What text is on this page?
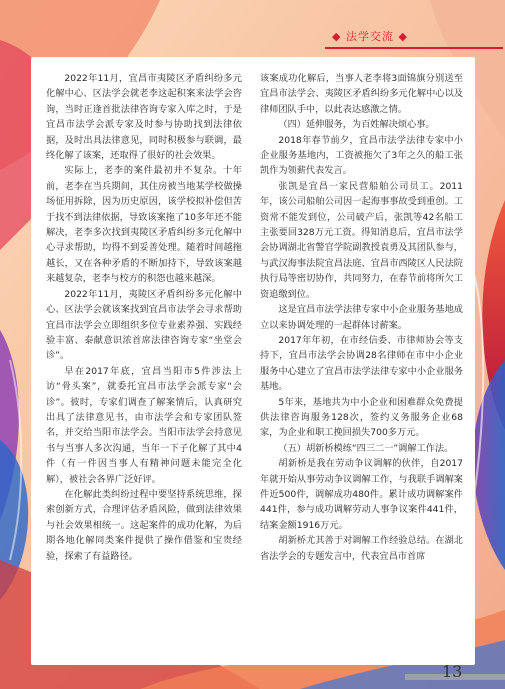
◆ 法学交流 ◆

2022年11月，宜昌市夷陵区矛盾纠纷多元化解中心、区法学会就老李这起积案来法学会咨询，当时正逢首批法律咨询专家入库之时，于是宜昌市法学会派专家及时参与协助找到法律依据，及时出具法律意见，同时积极参与联调，最终化解了该案，还取得了很好的社会效果。

实际上，老李的案件最初并不复杂。十年前，老李在当兵期间，其住房被当地某学校做操场征用拆除，因为历史原因，该学校拟补偿但苦于找不到法律依据，导致该案拖了10多年还不能解决，老李多次找到夷陵区矛盾纠纷多元化解中心寻求帮助，均得不到妥善处理。随着时间越拖越长，又在各种矛盾的不断加持下，导致该案越来越复杂，老李与校方的积怨也越来越深。

2022年11月，夷陵区矛盾纠纷多元化解中心、区法学会就该案找到宜昌市法学会寻求帮助宜昌市法学会立即组织多位专业素养强、实践经验丰富、泰献意识浓首席法律咨询专家“坐堂会诊”。

早在2017年底，宜昌当阳市5件涉法上访“骨头案”，就委托宜昌市法学会派专家“会诊”。彼时，专家们调查了解案情后，认真研究出具了法律意见书，由市法学会和专家团队签名，并交给当阳市法学会。当阳市法学会持意见书与当事人多次沟通，当年一下子化解了其中4件（有一件因当事人有精神问题未能完全化解），被社会各界广泛好评。

在化解此类纠纷过程中要坚持系统思维，探索创新方式，合理评估矛盾风险，做到法律效果与社会效果相统一。这起案件的成功化解，为后期各地化解同类案件提供了操作借鉴和宝贵经验，探索了有益路径。

该案成功化解后，当事人老李将3面锦旗分别送至宜昌市法学会、夷陵区矛盾纠纷多元化解中心以及律师团队手中，以此表达感激之情。

（四）延伸服务，为百姓解决烦心事。

2018年春节前夕，宜昌市法学法律专家中小企业服务基地内，工资被拖欠了3年之久的船工张凯作为领薪代表发言。

张凯是宜昌一家民营船舶公司员工。2011年，该公司船舶公司因一起海事事故受到重创。工资常不能发到位，公司破产后，张凯等42名船工主张要回328万元工资。得知消息后，宜昌市法学会协调湖北省警官学院副教授袁勇及其团队参与，与武汉海事法院宜昌法庭、宜昌市西陵区人民法院执行局等密切协作，共同努力，在春节前将所欠工资追缴到位。

这是宜昌市法学法律专家中小企业服务基地成立以来协调处理的一起群体讨薪案。

2017年年初，在市经信委、市律师协会等支持下，宜昌市法学会协调28名律师在市中小企业服务中心建立了宜昌市法学法律专家中小企业服务基地。

5年来，基地共为中小企业和困难群众免费提供法律咨询服务128次，签约义务服务企业68家，为企业和职工挽回损失700多万元。

（五）胡新桥模练“四三二一”调解工作法。

胡新桥是我在劳动争议调解的伙伴，自2017年就开始从事劳动争议调解工作，与我联手调解案件近500件，调解成功480件。累计成功调解案件441件，参与成功调解劳动人事争议案件441件，结案金额1916万元。

胡新桥尤其善于对调解工作经验总结。在湖北省法学会的专题发言中，代表宜昌市首席

13
